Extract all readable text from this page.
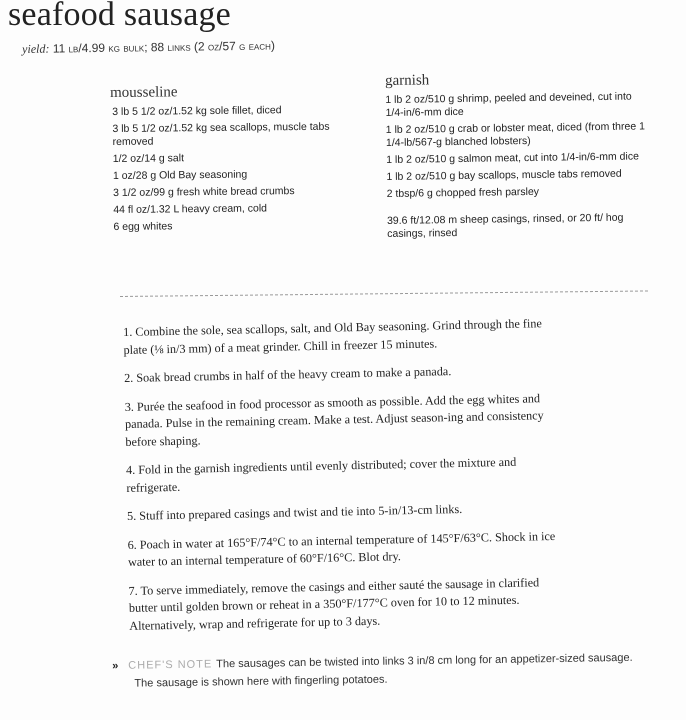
seafood sausage
yield: 11 lb/4.99 kg bulk; 88 links (2 oz/57 g each)
mousseline
3 lb 5 1/2 oz/1.52 kg sole fillet, diced
3 lb 5 1/2 oz/1.52 kg sea scallops, muscle tabs removed
1/2 oz/14 g salt
1 oz/28 g Old Bay seasoning
3 1/2 oz/99 g fresh white bread crumbs
44 fl oz/1.32 L heavy cream, cold
6 egg whites
garnish
1 lb 2 oz/510 g shrimp, peeled and deveined, cut into 1/4-in/6-mm dice
1 lb 2 oz/510 g crab or lobster meat, diced (from three 1 1/4-lb/567-g blanched lobsters)
1 lb 2 oz/510 g salmon meat, cut into 1/4-in/6-mm dice
1 lb 2 oz/510 g bay scallops, muscle tabs removed
2 tbsp/6 g chopped fresh parsley
39.6 ft/12.08 m sheep casings, rinsed, or 20 ft/ hog casings, rinsed
1. Combine the sole, sea scallops, salt, and Old Bay seasoning. Grind through the fine plate (⅛ in/3 mm) of a meat grinder. Chill in freezer 15 minutes.
2. Soak bread crumbs in half of the heavy cream to make a panada.
3. Purée the seafood in food processor as smooth as possible. Add the egg whites and panada. Pulse in the remaining cream. Make a test. Adjust season-ing and consistency before shaping.
4. Fold in the garnish ingredients until evenly distributed; cover the mixture and refrigerate.
5. Stuff into prepared casings and twist and tie into 5-in/13-cm links.
6. Poach in water at 165°F/74°C to an internal temperature of 145°F/63°C. Shock in ice water to an internal temperature of 60°F/16°C. Blot dry.
7. To serve immediately, remove the casings and either sauté the sausage in clarified butter until golden brown or reheat in a 350°F/177°C oven for 10 to 12 minutes. Alternatively, wrap and refrigerate for up to 3 days.
» CHEF'S NOTE The sausages can be twisted into links 3 in/8 cm long for an appetizer-sized sausage.
The sausage is shown here with fingerling potatoes.
